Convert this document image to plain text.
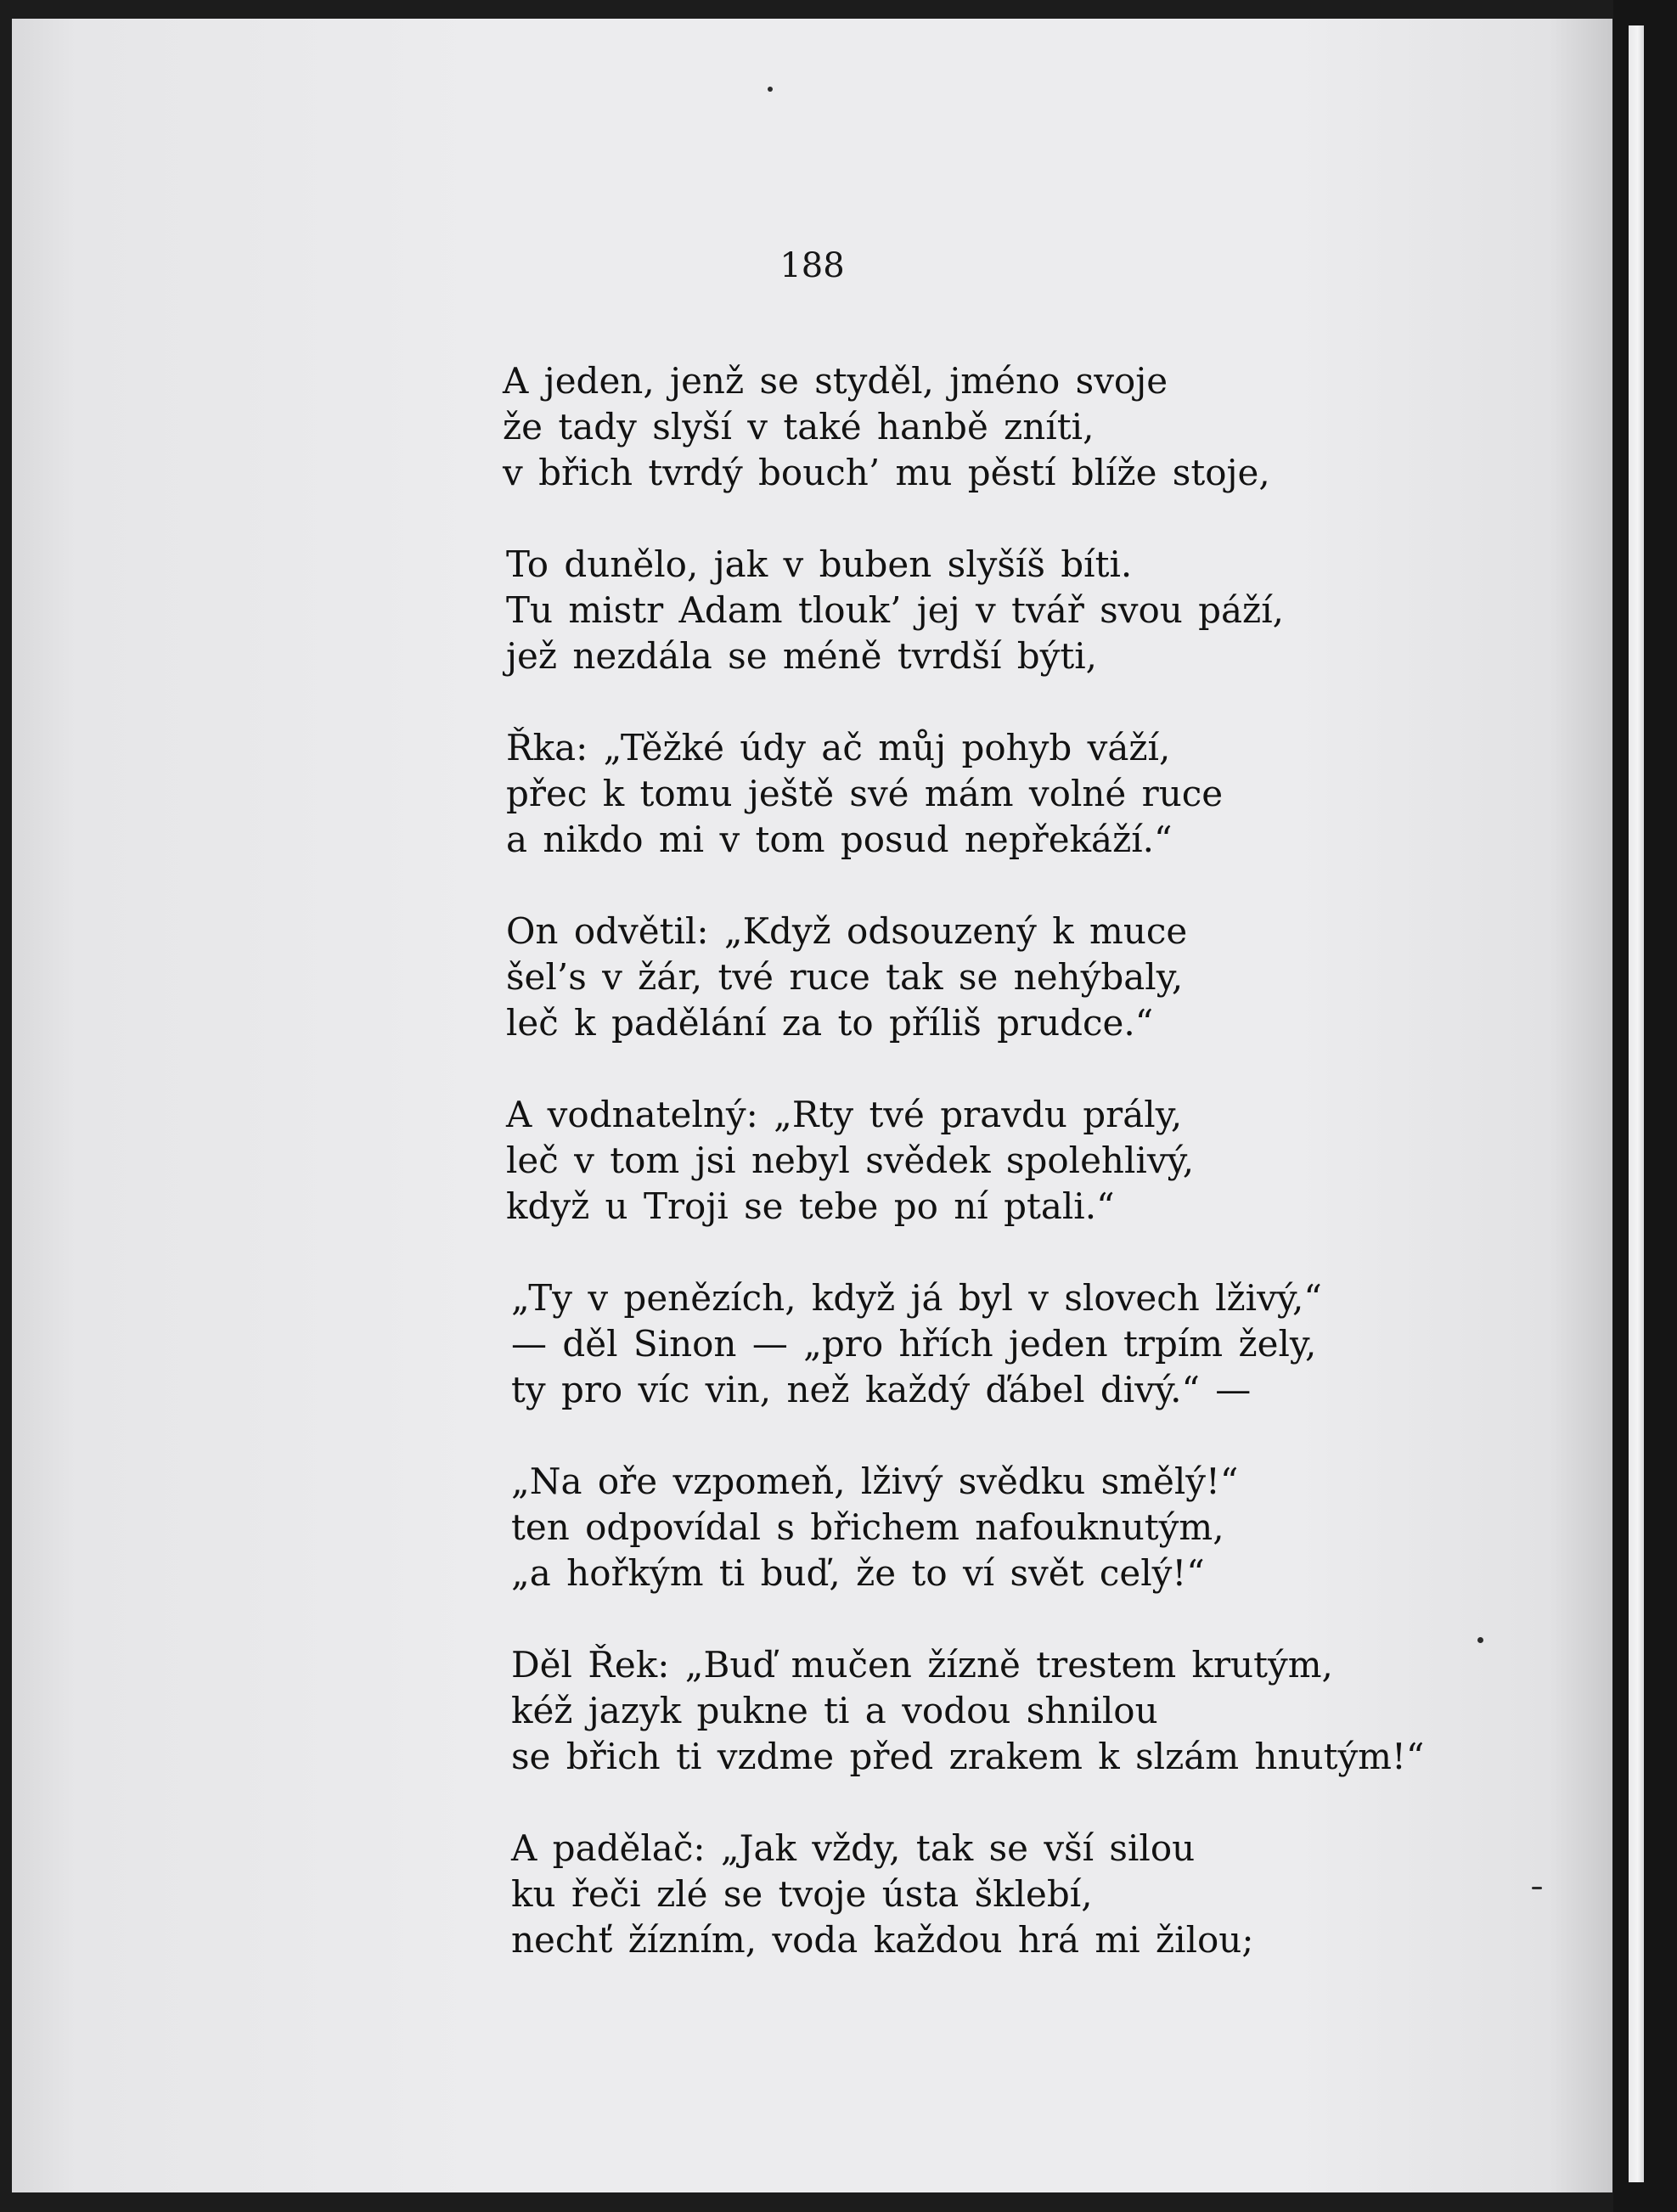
188
A jeden, jenž se styděl, jméno svoje
že tady slyší v také hanbě zníti,
v břich tvrdý bouch’ mu pěstí blíže stoje,
To dunělo, jak v buben slyšíš bíti.
Tu mistr Adam tlouk’ jej v tvář svou páží,
jež nezdála se méně tvrdší býti,
Řka: „Těžké údy ač můj pohyb váží,
přec k tomu ještě své mám volné ruce
a nikdo mi v tom posud nepřekáží.“
On odvětil: „Když odsouzený k muce
šel’s v žár, tvé ruce tak se nehýbaly,
leč k padělání za to příliš prudce.“
A vodnatelný: „Rty tvé pravdu prály,
leč v tom jsi nebyl svědek spolehlivý,
když u Troji se tebe po ní ptali.“
„Ty v penězích, když já byl v slovech lživý,“
— děl Sinon — „pro hřích jeden trpím žely,
ty pro víc vin, než každý ďábel divý.“ —
„Na oře vzpomeň, lživý svědku smělý!“
ten odpovídal s břichem nafouknutým,
„a hořkým ti buď, že to ví svět celý!“
Děl Řek: „Buď mučen žízně trestem krutým,
kéž jazyk pukne ti a vodou shnilou
se břich ti vzdme před zrakem k slzám hnutým!“
A padělač: „Jak vždy, tak se vší silou
ku řeči zlé se tvoje ústa šklebí,
nechť žízním, voda každou hrá mi žilou;
